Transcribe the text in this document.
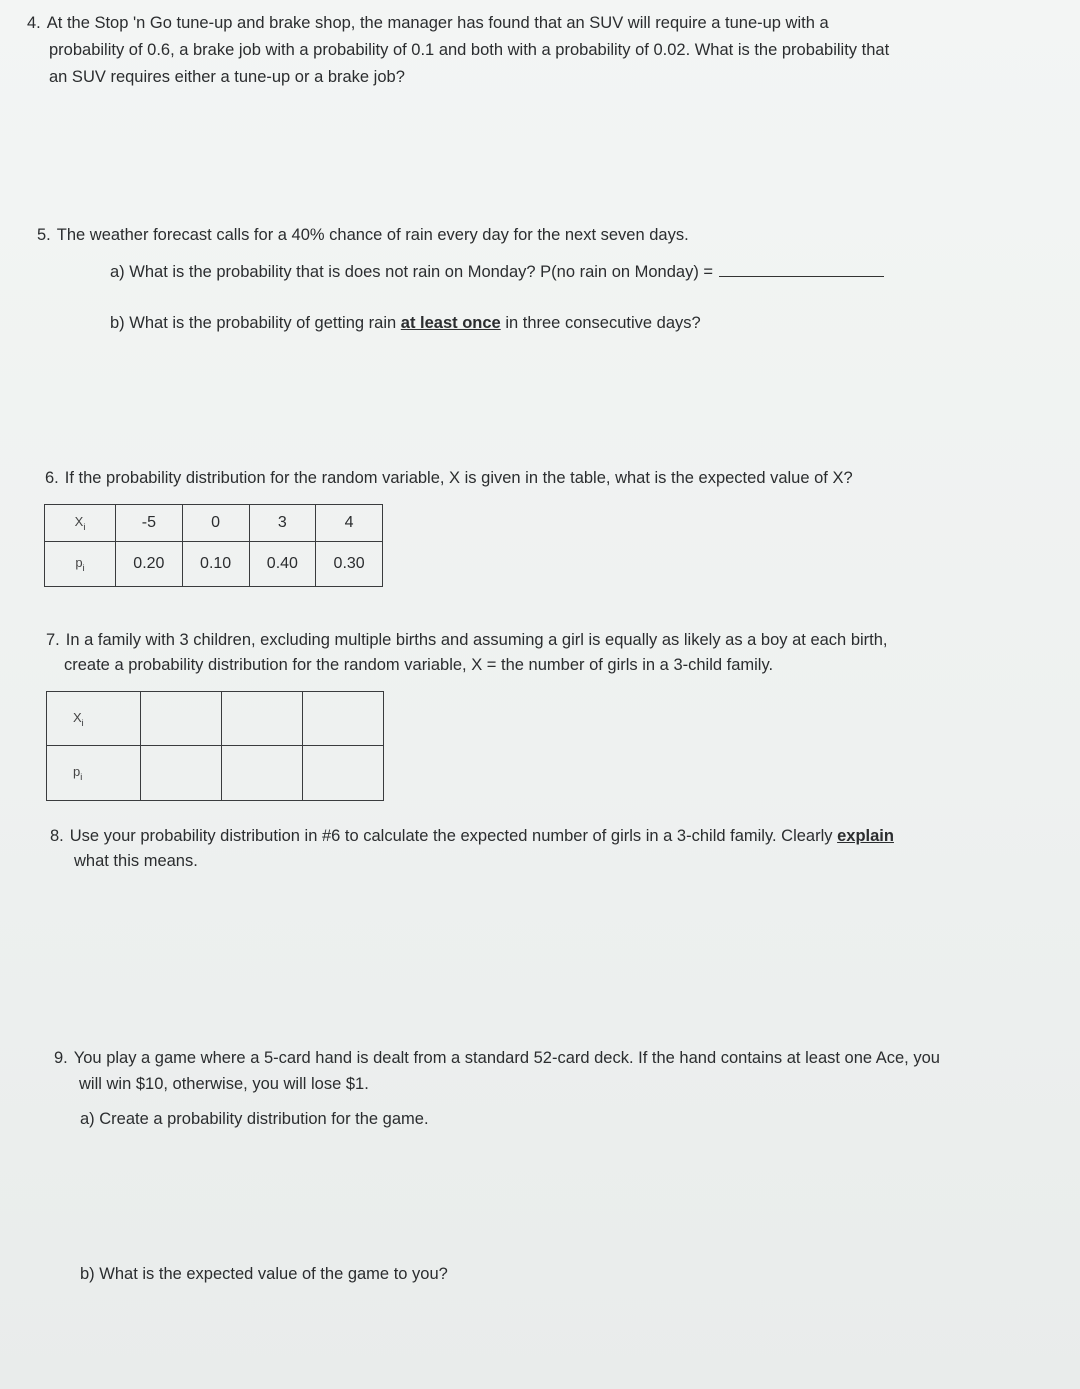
4. At the Stop 'n Go tune-up and brake shop, the manager has found that an SUV will require a tune-up with a

probability of 0.6, a brake job with a probability of 0.1 and both with a probability of 0.02. What is the probability that

an SUV requires either a tune-up or a brake job?

5. The weather forecast calls for a 40% chance of rain every day for the next seven days.

a) What is the probability that is does not rain on Monday? P(no rain on Monday) =
b) What is the probability of getting rain at least once in three consecutive days?

6. If the probability distribution for the random variable, X is given in the table, what is the expected value of X?

$X_i$	-5	0	3	4
$p_i$	0.20	0.10	0.40	0.30

7. In a family with 3 children, excluding multiple births and assuming a girl is equally as likely as a boy at each birth,

create a probability distribution for the random variable, X = the number of girls in a 3-child family.

$X_i$			
$p_i$			

8. Use your probability distribution in #6 to calculate the expected number of girls in a 3-child family. Clearly explain

what this means.

9. You play a game where a 5-card hand is dealt from a standard 52-card deck. If the hand contains at least one Ace, you

will win $10, otherwise, you will lose $1.

a) Create a probability distribution for the game.
b) What is the expected value of the game to you?
